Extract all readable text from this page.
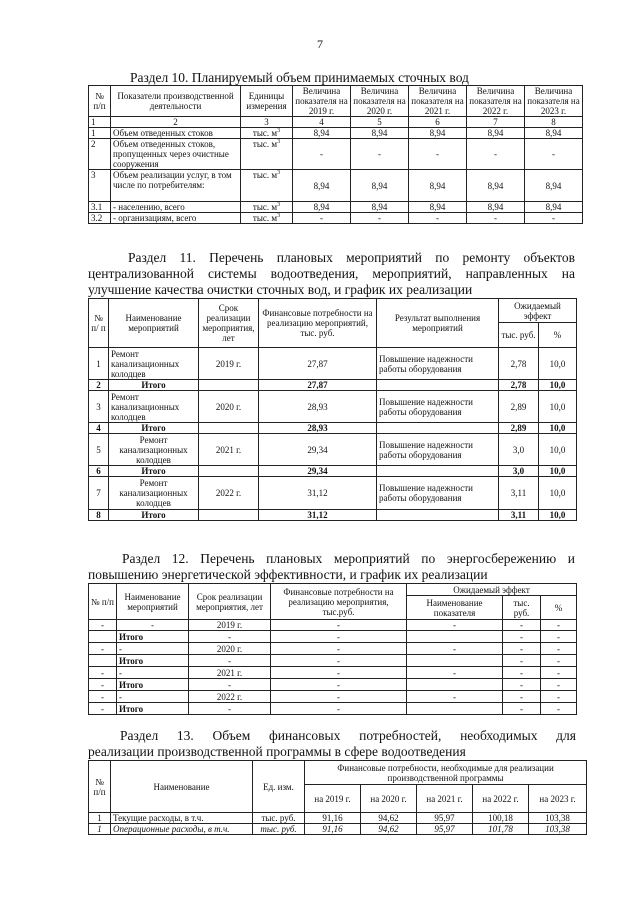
7
Раздел 10. Планируемый объем принимаемых сточных вод
№ п/п	Показатели производственной деятельности	Единицы измерения	Величина показателя на 2019 г.	Величина показателя на 2020 г.	Величина показателя на 2021 г.	Величина показателя на 2022 г.	Величина показателя на 2023 г.
1	2	3	4	5	6	7	8
1	Объем отведенных стоков	тыс. $м^3$	8,94	8,94	8,94	8,94	8,94
2	Объем отведенных стоков, пропущенных через очистные сооружения	тыс. $м^3$	-	-	-	-	-
3	Объем реализации услуг, в том числе по потребителям:	тыс. $м^3$	8,94	8,94	8,94	8,94	8,94
3.1	- населению, всего	тыс. $м^3$	8,94	8,94	8,94	8,94	8,94
3.2	- организациям, всего	тыс. $м^3$	-	-	-	-	-
Раздел 11. Перечень плановых мероприятий по ремонту объектов
централизованной системы водоотведения, мероприятий, направленных на
улучшение качества очистки сточных вод, и график их реализации
№ п/ п	Наименование мероприятий	Срок реализации мероприятия, лет	Финансовые потребности на реализацию мероприятий, тыс. руб.	Результат выполнения мероприятий	Ожидаемый эффект	
					тыс. руб.	%
1	Ремонт канализационных колодцев	2019 г.	27,87	Повышение надежности работы оборудования	2,78	10,0
2	Итого		27,87		2,78	10,0
3	Ремонт канализационных колодцев	2020 г.	28,93	Повышение надежности работы оборудования	2,89	10,0
4	Итого		28,93		2,89	10,0
5	Ремонт канализационных колодцев	2021 г.	29,34	Повышение надежности работы оборудования	3,0	10,0
6	Итого		29,34		3,0	10,0
7	Ремонт канализационных колодцев	2022 г.	31,12	Повышение надежности работы оборудования	3,11	10,0
8	Итого		31,12		3,11	10,0
Раздел 12. Перечень плановых мероприятий по энергосбережению и
повышению энергетической эффективности, и график их реализации
№ п/п	Наименование мероприятий	Срок реализации мероприятия, лет	Финансовые потребности на реализацию мероприятия, тыс.руб.	Ожидаемый эффект		
				Наименование показателя	тыс. руб.	%
-	-	2019 г.	-	-	-	-
	Итого	-	-		-	-
-	-	2020 г.	-	-	-	-
	Итого	-	-		-	-
-	-	2021 г.	-	-	-	-
-	Итого	-	-		-	-
-	-	2022 г.	-	-	-	-
-	Итого	-	-		-	-
Раздел 13. Объем финансовых потребностей, необходимых для
реализации производственной программы в сфере водоотведения
№ п/п	Наименование	Ед. изм.	Финансовые потребности, необходимые для реализации производственной программы				
			на 2019 г.	на 2020 г.	на 2021 г.	на 2022 г.	на 2023 г.
1	Текущие расходы, в т.ч.	тыс. руб.	91,16	94,62	95,97	100,18	103,38
1	Операционные расходы, в т.ч.	тыс. руб.	91,16	94,62	95,97	101,78	103,38
